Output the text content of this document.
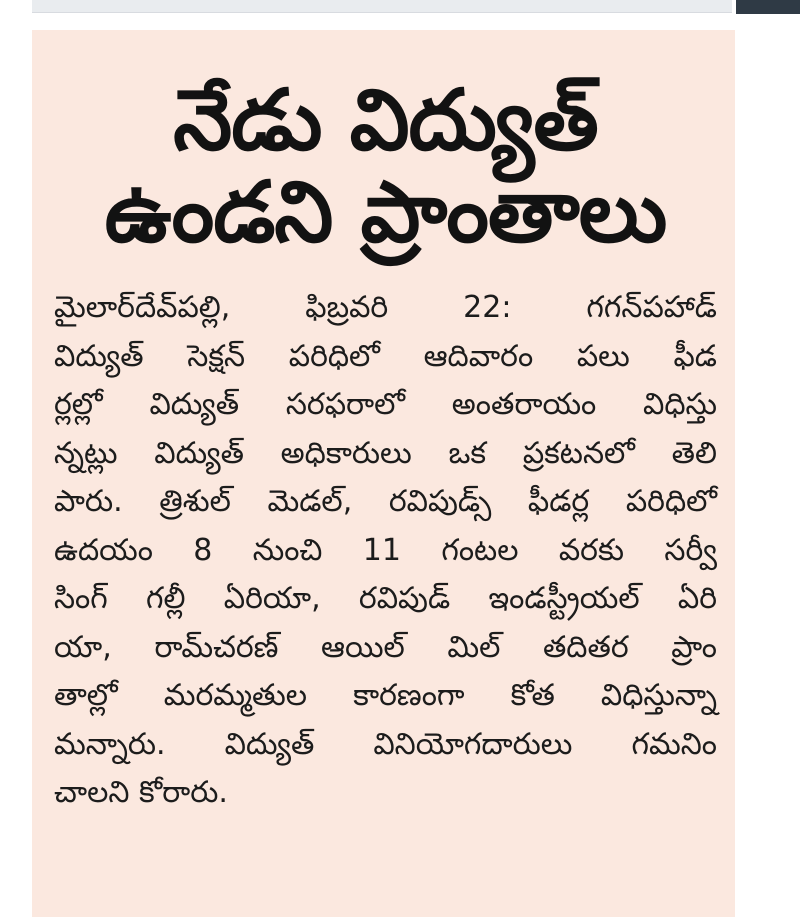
నేడు విద్యుత్
ఉండని ప్రాంతాలు
మైలార్‌దేవ్‌పల్లి, ఫిబ్రవరి 22: గగన్‌పహాడ్
విద్యుత్ సెక్షన్ పరిధిలో ఆదివారం పలు ఫీడ
ర్లల్లో విద్యుత్ సరఫరాలో అంతరాయం విధిస్తు
న్నట్లు విద్యుత్ అధికారులు ఒక ప్రకటనలో తెలి
పారు. త్రిశుల్ మెడల్, రవిపుడ్స్ ఫీడర్ల పరిధిలో
ఉదయం 8 నుంచి 11 గంటల వరకు సర్వీ
సింగ్ గల్లీ ఏరియా, రవిపుడ్ ఇండస్ట్రీయల్ ఏరి
యా, రామ్‌చరణ్ ఆయిల్ మిల్ తదితర ప్రాం
తాల్లో మరమ్మతుల కారణంగా కోత విధిస్తున్నా
మన్నారు. విద్యుత్ వినియోగదారులు గమనిం
చాలని కోరారు.
